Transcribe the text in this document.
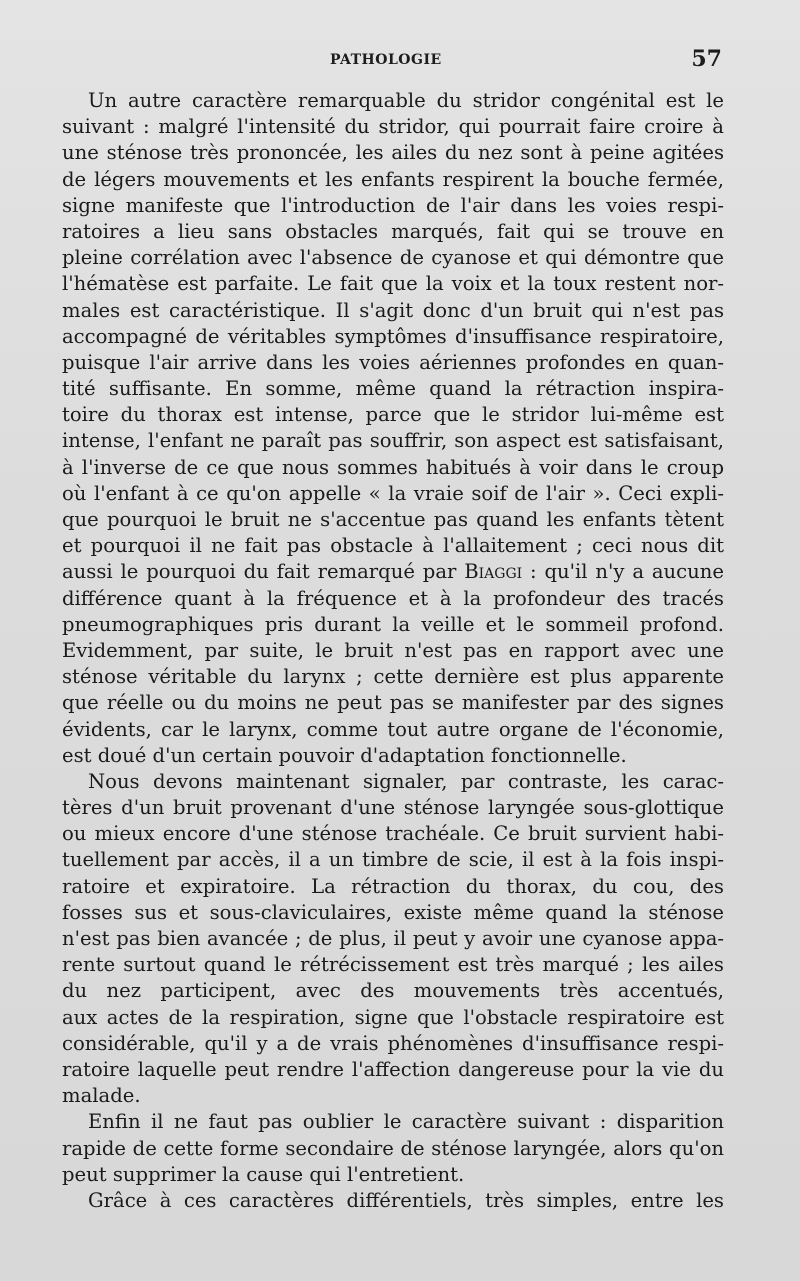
PATHOLOGIE	57
Un autre caractère remarquable du stridor congénital est le
suivant : malgré l'intensité du stridor, qui pourrait faire croire à
une sténose très prononcée, les ailes du nez sont à peine agitées
de légers mouvements et les enfants respirent la bouche fermée,
signe manifeste que l'introduction de l'air dans les voies respi-
ratoires a lieu sans obstacles marqués, fait qui se trouve en
pleine corrélation avec l'absence de cyanose et qui démontre que
l'hématèse est parfaite. Le fait que la voix et la toux restent nor-
males est caractéristique. Il s'agit donc d'un bruit qui n'est pas
accompagné de véritables symptômes d'insuffisance respiratoire,
puisque l'air arrive dans les voies aériennes profondes en quan-
tité suffisante. En somme, même quand la rétraction inspira-
toire du thorax est intense, parce que le stridor lui-même est
intense, l'enfant ne paraît pas souffrir, son aspect est satisfaisant,
à l'inverse de ce que nous sommes habitués à voir dans le croup
où l'enfant à ce qu'on appelle « la vraie soif de l'air ». Ceci expli-
que pourquoi le bruit ne s'accentue pas quand les enfants tètent
et pourquoi il ne fait pas obstacle à l'allaitement ; ceci nous dit
aussi le pourquoi du fait remarqué par Biaggi : qu'il n'y a aucune
différence quant à la fréquence et à la profondeur des tracés
pneumographiques pris durant la veille et le sommeil profond.
Evidemment, par suite, le bruit n'est pas en rapport avec une
sténose véritable du larynx ; cette dernière est plus apparente
que réelle ou du moins ne peut pas se manifester par des signes
évidents, car le larynx, comme tout autre organe de l'économie,
est doué d'un certain pouvoir d'adaptation fonctionnelle.
Nous devons maintenant signaler, par contraste, les carac-
tères d'un bruit provenant d'une sténose laryngée sous-glottique
ou mieux encore d'une sténose trachéale. Ce bruit survient habi-
tuellement par accès, il a un timbre de scie, il est à la fois inspi-
ratoire et expiratoire. La rétraction du thorax, du cou, des
fosses sus et sous-claviculaires, existe même quand la sténose
n'est pas bien avancée ; de plus, il peut y avoir une cyanose appa-
rente surtout quand le rétrécissement est très marqué ; les ailes
du nez participent, avec des mouvements très accentués,
aux actes de la respiration, signe que l'obstacle respiratoire est
considérable, qu'il y a de vrais phénomènes d'insuffisance respi-
ratoire laquelle peut rendre l'affection dangereuse pour la vie du
malade.
Enfin il ne faut pas oublier le caractère suivant : disparition
rapide de cette forme secondaire de sténose laryngée, alors qu'on
peut supprimer la cause qui l'entretient.
Grâce à ces caractères différentiels, très simples, entre les
